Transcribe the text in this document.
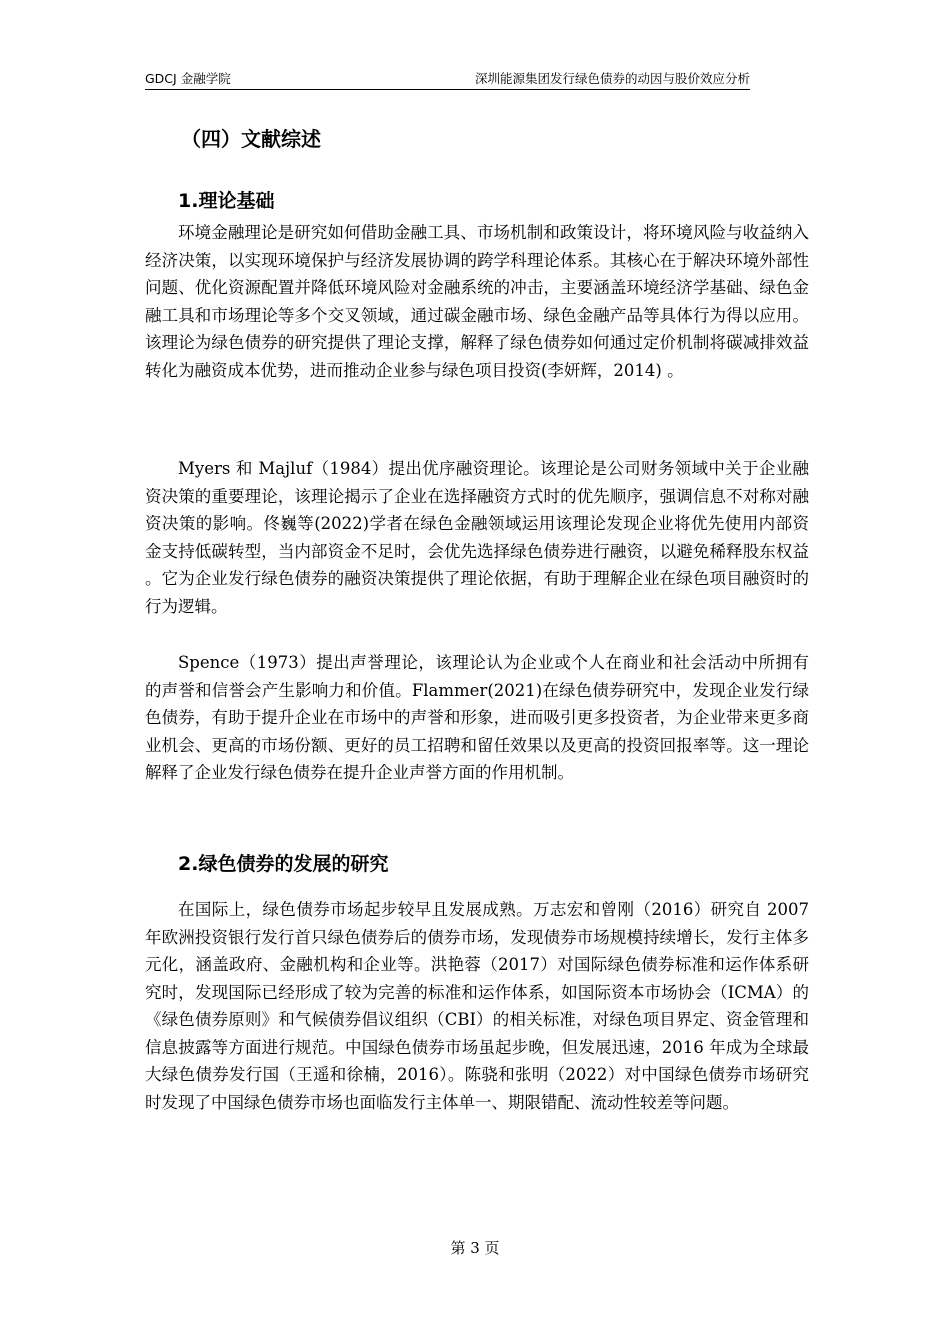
GDCJ 金融学院	深圳能源集团发行绿色债券的动因与股价效应分析
（四）文献综述
1.理论基础

环境金融理论是研究如何借助金融工具、市场机制和政策设计，将环境风险与收益纳入经济决策，以实现环境保护与经济发展协调的跨学科理论体系。其核心在于解决环境外部性问题、优化资源配置并降低环境风险对金融系统的冲击，主要涵盖环境经济学基础、绿色金融工具和市场理论等多个交叉领域，通过碳金融市场、绿色金融产品等具体行为得以应用。该理论为绿色债券的研究提供了理论支撑，解释了绿色债券如何通过定价机制将碳减排效益转化为融资成本优势，进而推动企业参与绿色项目投资(李妍辉，2014) 。

Myers 和 Majluf（1984）提出优序融资理论。该理论是公司财务领域中关于企业融资决策的重要理论，该理论揭示了企业在选择融资方式时的优先顺序，强调信息不对称对融资决策的影响。佟巍等(2022)学者在绿色金融领域运用该理论发现企业将优先使用内部资金支持低碳转型，当内部资金不足时，会优先选择绿色债券进行融资，以避免稀释股东权益 。它为企业发行绿色债券的融资决策提供了理论依据，有助于理解企业在绿色项目融资时的行为逻辑。

Spence（1973）提出声誉理论，该理论认为企业或个人在商业和社会活动中所拥有的声誉和信誉会产生影响力和价值。Flammer(2021)在绿色债券研究中，发现企业发行绿色债券，有助于提升企业在市场中的声誉和形象，进而吸引更多投资者，为企业带来更多商业机会、更高的市场份额、更好的员工招聘和留任效果以及更高的投资回报率等。这一理论解释了企业发行绿色债券在提升企业声誉方面的作用机制。

2.绿色债券的发展的研究

在国际上，绿色债券市场起步较早且发展成熟。万志宏和曾刚（2016）研究自 2007 年欧洲投资银行发行首只绿色债券后的债券市场，发现债券市场规模持续增长，发行主体多元化，涵盖政府、金融机构和企业等。洪艳蓉（2017）对国际绿色债券标准和运作体系研究时，发现国际已经形成了较为完善的标准和运作体系，如国际资本市场协会（ICMA）的《绿色债券原则》和气候债券倡议组织（CBI）的相关标准，对绿色项目界定、资金管理和信息披露等方面进行规范。中国绿色债券市场虽起步晚，但发展迅速，2016 年成为全球最大绿色债券发行国（王遥和徐楠，2016）。陈骁和张明（2022）对中国绿色债券市场研究时发现了中国绿色债券市场也面临发行主体单一、期限错配、流动性较差等问题。

第 3 页
